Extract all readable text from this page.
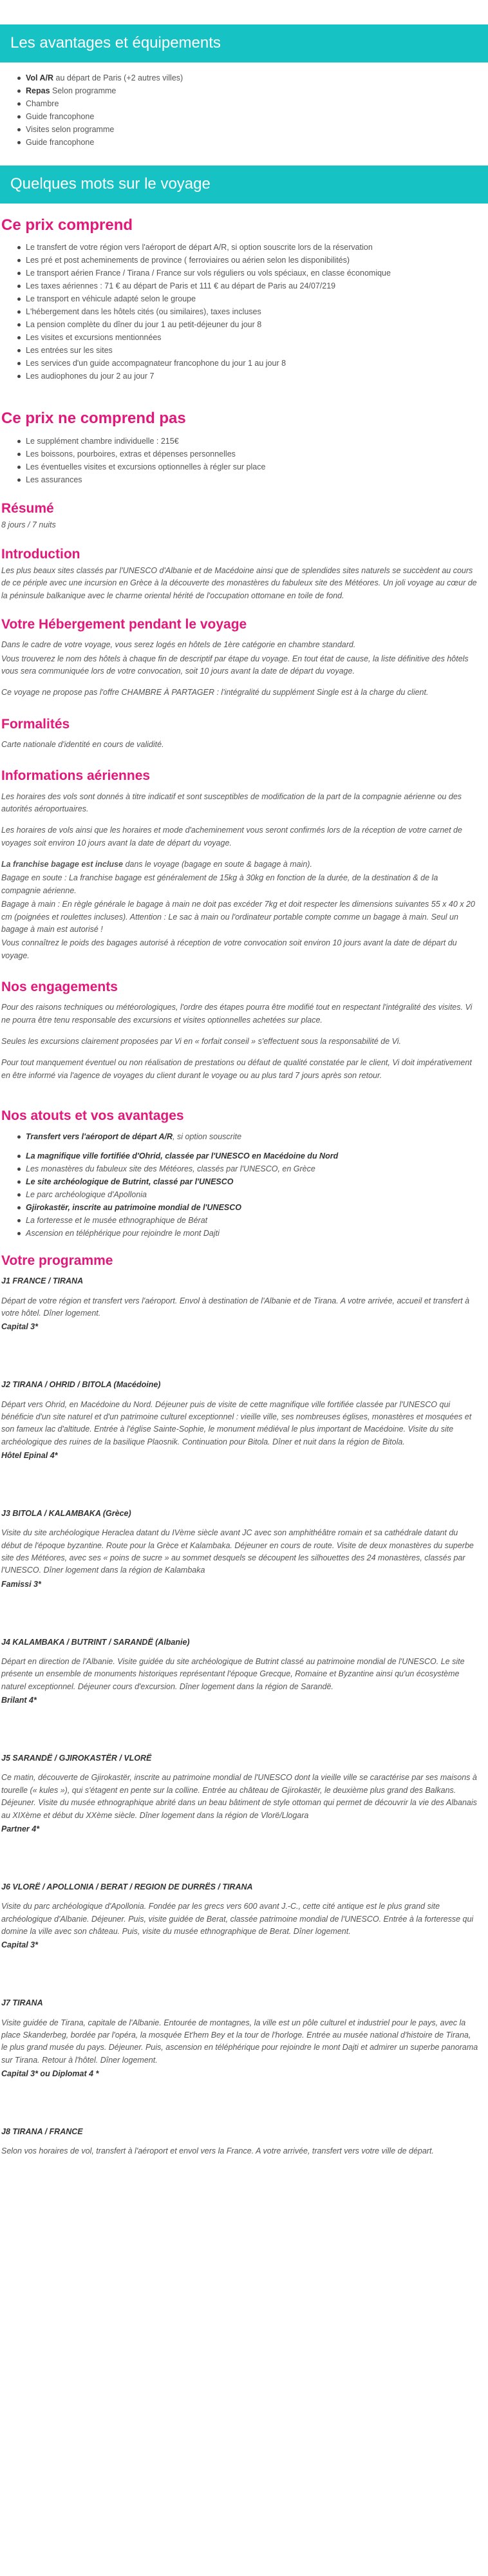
Les avantages et équipements
Vol A/R au départ de Paris (+2 autres villes)
Repas Selon programme
Chambre
Guide francophone
Visites selon programme
Guide francophone
Quelques mots sur le voyage
Ce prix comprend
Le transfert de votre région vers l'aéroport de départ A/R, si option souscrite lors de la réservation
Les pré et post acheminements de province ( ferroviaires ou aérien selon les disponibilités)
Le transport aérien France / Tirana / France sur vols réguliers ou vols spéciaux, en classe économique
Les taxes aériennes : 71 € au départ de Paris et 111 € au départ de Paris au 24/07/219
Le transport en véhicule adapté selon le groupe
L'hébergement dans les hôtels cités (ou similaires), taxes incluses
La pension complète du dîner du jour 1 au petit-déjeuner du jour 8
Les visites et excursions mentionnées
Les entrées sur les sites
Les services d'un guide accompagnateur francophone du jour 1 au jour 8
Les audiophones du jour 2 au jour 7
Ce prix ne comprend pas
Le supplément chambre individuelle : 215€
Les boissons, pourboires, extras et dépenses personnelles
Les éventuelles visites et excursions optionnelles à régler sur place
Les assurances
Résumé

8 jours / 7 nuits

Introduction

Les plus beaux sites classés par l'UNESCO d'Albanie et de Macédoine ainsi que de splendides sites naturels se succèdent au cours de ce périple avec une incursion en Grèce à la découverte des monastères du fabuleux site des Météores. Un joli voyage au cœur de la péninsule balkanique avec le charme oriental hérité de l'occupation ottomane en toile de fond.

Votre Hébergement pendant le voyage

Dans le cadre de votre voyage, vous serez logés en hôtels de 1ère catégorie en chambre standard.

Vous trouverez le nom des hôtels à chaque fin de descriptif par étape du voyage. En tout état de cause, la liste définitive des hôtels vous sera communiquée lors de votre convocation, soit 10 jours avant la date de départ du voyage.

Ce voyage ne propose pas l'offre CHAMBRE À PARTAGER : l'intégralité du supplément Single est à la charge du client.

Formalités

Carte nationale d'identité en cours de validité.

Informations aériennes

Les horaires des vols sont donnés à titre indicatif et sont susceptibles de modification de la part de la compagnie aérienne ou des autorités aéroportuaires.

Les horaires de vols ainsi que les horaires et mode d'acheminement vous seront confirmés lors de la réception de votre carnet de voyages soit environ 10 jours avant la date de départ du voyage.

La franchise bagage est incluse dans le voyage (bagage en soute & bagage à main).

Bagage en soute : La franchise bagage est généralement de 15kg à 30kg en fonction de la durée, de la destination & de la compagnie aérienne.

Bagage à main : En règle générale le bagage à main ne doit pas excéder 7kg et doit respecter les dimensions suivantes 55 x 40 x 20 cm (poignées et roulettes incluses). Attention : Le sac à main ou l'ordinateur portable compte comme un bagage à main. Seul un bagage à main est autorisé !

Vous connaîtrez le poids des bagages autorisé à réception de votre convocation soit environ 10 jours avant la date de départ du voyage.

Nos engagements

Pour des raisons techniques ou météorologiques, l'ordre des étapes pourra être modifié tout en respectant l'intégralité des visites. Vi ne pourra être tenu responsable des excursions et visites optionnelles achetées sur place.

Seules les excursions clairement proposées par Vi en « forfait conseil » s'effectuent sous la responsabilité de Vi.

Pour tout manquement éventuel ou non réalisation de prestations ou défaut de qualité constatée par le client, Vi doit impérativement en être informé via l'agence de voyages du client durant le voyage ou au plus tard 7 jours après son retour.

Nos atouts et vos avantages
Transfert vers l'aéroport de départ A/R, si option souscrite
La magnifique ville fortifiée d'Ohrid, classée par l'UNESCO en Macédoine du Nord
Les monastères du fabuleux site des Météores, classés par l'UNESCO, en Grèce
Le site archéologique de Butrint, classé par l'UNESCO
Le parc archéologique d'Apollonia
Gjirokastër, inscrite au patrimoine mondial de l'UNESCO
La forteresse et le musée ethnographique de Bérat
Ascension en téléphérique pour rejoindre le mont Dajti
Votre programme
J1 FRANCE / TIRANA

Départ de votre région et transfert vers l'aéroport. Envol à destination de l'Albanie et de Tirana. A votre arrivée, accueil et transfert à votre hôtel. Dîner logement.

Capital 3*
J2 TIRANA / OHRID / BITOLA (Macédoine)

Départ vers Ohrid, en Macédoine du Nord. Déjeuner puis de visite de cette magnifique ville fortifiée classée par l'UNESCO qui bénéficie d'un site naturel et d'un patrimoine culturel exceptionnel : vieille ville, ses nombreuses églises, monastères et mosquées et son fameux lac d'altitude. Entrée à l'église Sainte-Sophie, le monument médiéval le plus important de Macédoine. Visite du site archéologique des ruines de la basilique Plaosnik. Continuation pour Bitola. Dîner et nuit dans la région de Bitola.

Hôtel Epinal 4*
J3 BITOLA / KALAMBAKA (Grèce)

Visite du site archéologique Heraclea datant du IVème siècle avant JC avec son amphithéâtre romain et sa cathédrale datant du début de l'époque byzantine. Route pour la Grèce et Kalambaka. Déjeuner en cours de route. Visite de deux monastères du superbe site des Météores, avec ses « poins de sucre » au sommet desquels se découpent les silhouettes des 24 monastères, classés par l'UNESCO. Dîner logement dans la région de Kalambaka

Famissi 3*
J4 KALAMBAKA / BUTRINT / SARANDË (Albanie)

Départ en direction de l'Albanie. Visite guidée du site archéologique de Butrint classé au patrimoine mondial de l'UNESCO. Le site présente un ensemble de monuments historiques représentant l'époque Grecque, Romaine et Byzantine ainsi qu'un écosystème naturel exceptionnel. Déjeuner cours d'excursion. Dîner logement dans la région de Sarandë.

Brilant 4*
J5 SARANDË / GJIROKASTËR / VLORË

Ce matin, découverte de Gjirokastër, inscrite au patrimoine mondial de l'UNESCO dont la vieille ville se caractérise par ses maisons à tourelle (« kules »), qui s'étagent en pente sur la colline. Entrée au château de Gjirokastër, le deuxième plus grand des Balkans. Déjeuner. Visite du musée ethnographique abrité dans un beau bâtiment de style ottoman qui permet de découvrir la vie des Albanais au XIXème et début du XXème siècle. Dîner logement dans la région de Vlorë/Llogara

Partner 4*
J6 VLORË / APOLLONIA / BERAT / REGION DE DURRËS / TIRANA

Visite du parc archéologique d'Apollonia. Fondée par les grecs vers 600 avant J.-C., cette cité antique est le plus grand site archéologique d'Albanie. Déjeuner. Puis, visite guidée de Berat, classée patrimoine mondial de l'UNESCO. Entrée à la forteresse qui domine la ville avec son château. Puis, visite du musée ethnographique de Berat. Dîner logement.

Capital 3*
J7 TIRANA

Visite guidée de Tirana, capitale de l'Albanie. Entourée de montagnes, la ville est un pôle culturel et industriel pour le pays, avec la place Skanderbeg, bordée par l'opéra, la mosquée Et'hem Bey et la tour de l'horloge. Entrée au musée national d'histoire de Tirana, le plus grand musée du pays. Déjeuner. Puis, ascension en téléphérique pour rejoindre le mont Dajti et admirer un superbe panorama sur Tirana. Retour à l'hôtel. Dîner logement.

Capital 3* ou Diplomat 4 *
J8 TIRANA / FRANCE

Selon vos horaires de vol, transfert à l'aéroport et envol vers la France. A votre arrivée, transfert vers votre ville de départ.
